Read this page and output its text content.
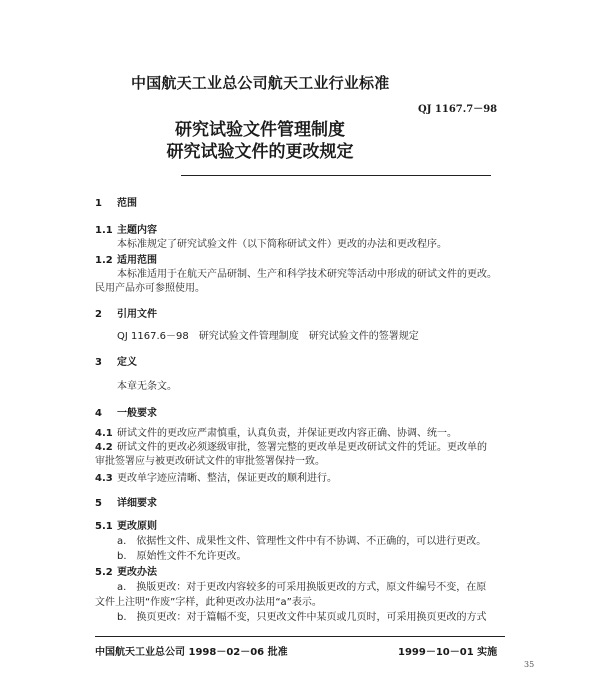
中国航天工业总公司航天工业行业标准
QJ 1167.7－98
研究试验文件管理制度
研究试验文件的更改规定
1 范围
1.1 主题内容
本标准规定了研究试验文件（以下简称研试文件）更改的办法和更改程序。
1.2 适用范围
本标准适用于在航天产品研制、生产和科学技术研究等活动中形成的研试文件的更改。
民用产品亦可参照使用。
2 引用文件
QJ 1167.6－98　研究试验文件管理制度　研究试验文件的签署规定
3 定义
本章无条文。
4 一般要求
4.1 研试文件的更改应严肃慎重，认真负责，并保证更改内容正确、协调、统一。
4.2 研试文件的更改必须逐级审批，签署完整的更改单是更改研试文件的凭证。更改单的
审批签署应与被更改研试文件的审批签署保持一致。
4.3 更改单字迹应清晰、整洁，保证更改的顺利进行。
5 详细要求
5.1 更改原则
a.　依据性文件、成果性文件、管理性文件中有不协调、不正确的，可以进行更改。
b.　原始性文件不允许更改。
5.2 更改办法
a.　换版更改：对于更改内容较多的可采用换版更改的方式，原文件编号不变，在原
文件上注明“作废”字样，此种更改办法用“a”表示。
b.　换页更改：对于篇幅不变，只更改文件中某页或几页时，可采用换页更改的方式
中国航天工业总公司 1998－02－06 批准	1999－10－01 实施
35
